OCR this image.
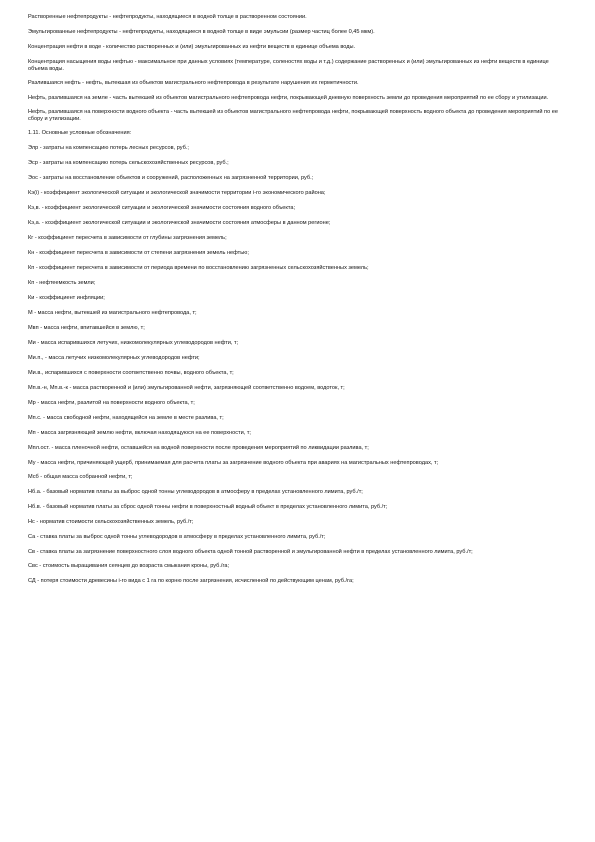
Растворенные нефтепродукты - нефтепродукты, находящиеся в водной толще в растворенном состоянии.

Эмульгированные нефтепродукты - нефтепродукты, находящиеся в водной толще в виде эмульсии (размер частиц более 0,45 мкм).

Концентрация нефти в воде - количество растворенных и (или) эмульгированных из нефти веществ в единице объема воды.

Концентрация насыщения воды нефтью - максимальное при данных условиях (температуре, соленостях воды и т.д.) содержание растворенных и (или) эмульгированных из нефти веществ в единице объема воды.

Разлившаяся нефть - нефть, вытекшая из объектов магистрального нефтепровода в результате нарушения их герметичности.

Нефть, разлившаяся на земле - часть вытекшей из объектов магистрального нефтепровода нефти, покрывающей дневную поверхность земли до проведения мероприятий по ее сбору и утилизации.

Нефть, разлившаяся на поверхности водного объекта - часть вытекшей из объектов магистрального нефтепровода нефти, покрывающей поверхность водного объекта до проведения мероприятий по ее сбору и утилизации.

1.11. Основные условные обозначения:

Элр - затраты на компенсацию потерь лесных ресурсов, руб.;

Эср - затраты на компенсацию потерь сельскохозяйственных ресурсов, руб.;

Эос - затраты на восстановление объектов и сооружений, расположенных на загрязненной территории, руб.;

Кэ(i) - коэффициент экологической ситуации и экологической значимости территории i-го экономического района;

Кэ,в. - коэффициент экологической ситуации и экологической значимости состояния водного объекта;

Кэ,а. - коэффициент экологической ситуации и экологической значимости состояния атмосферы в данном регионе;

Кг - коэффициент пересчета в зависимости от глубины загрязнения земель;

Кн - коэффициент пересчета в зависимости от степени загрязнения земель нефтью;

Кп - коэффициент пересчета в зависимости от периода времени по восстановлению загрязненных сельскохозяйственных земель;

Кп - нефтеемкость земли;

Ки - коэффициент инфляции;

М - масса нефти, вытекшей из магистрального нефтепровода, т;

Мвп - масса нефти, впитавшейся в землю, т;

Ми - масса испарившихся летучих, низкомолекулярных углеводородов нефти, т;

Ми.п., - масса летучих низкомолекулярных углеводородов нефти;

Ми.в., испарившихся с поверхности соответственно почвы, водного объекта, т;

Мп.в.-н, Мп.в.-к - масса растворенной и (или) эмульгированной нефти, загрязняющей соответственно водоем, водоток, т;

Мр - масса нефти, разлитой на поверхности водного объекта, т;

Мп.с. - масса свободной нефти, находящейся на земле в месте разлива, т;

Мп - масса загрязняющей землю нефти, включая находящуюся на ее поверхности, т;

Мпл.ост. - масса пленочной нефти, оставшейся на водной поверхности после проведения мероприятий по ликвидации разлива, т;

Му - масса нефти, причиняющей ущерб, принимаемая для расчета платы за загрязнение водного объекта при авариях на магистральных нефтепроводах, т;

Мсб - общая масса собранной нефти, т;

Нб.а. - базовый норматив платы за выброс одной тонны углеводородов в атмосферу в пределах установленного лимита, руб./т;

Нб.в. - базовый норматив платы за сброс одной тонны нефти в поверхностный водный объект в пределах установленного лимита, руб./т;

Нс - норматив стоимости сельскохозяйственных земель, руб./т;

Са - ставка платы за выброс одной тонны углеводородов в атмосферу в пределах установленного лимита, руб./т;

Св - ставка платы за загрязнение поверхностного слоя водного объекта одной тонной растворенной и эмульгированной нефти в пределах установленного лимита, руб./т;

Свс - стоимость выращивания сеянцев до возраста смыкания кроны, руб./га;

СД - потеря стоимости древесины i-го вида с 1 га по корню после загрязнения, исчисленной по действующим ценам, руб./га;
